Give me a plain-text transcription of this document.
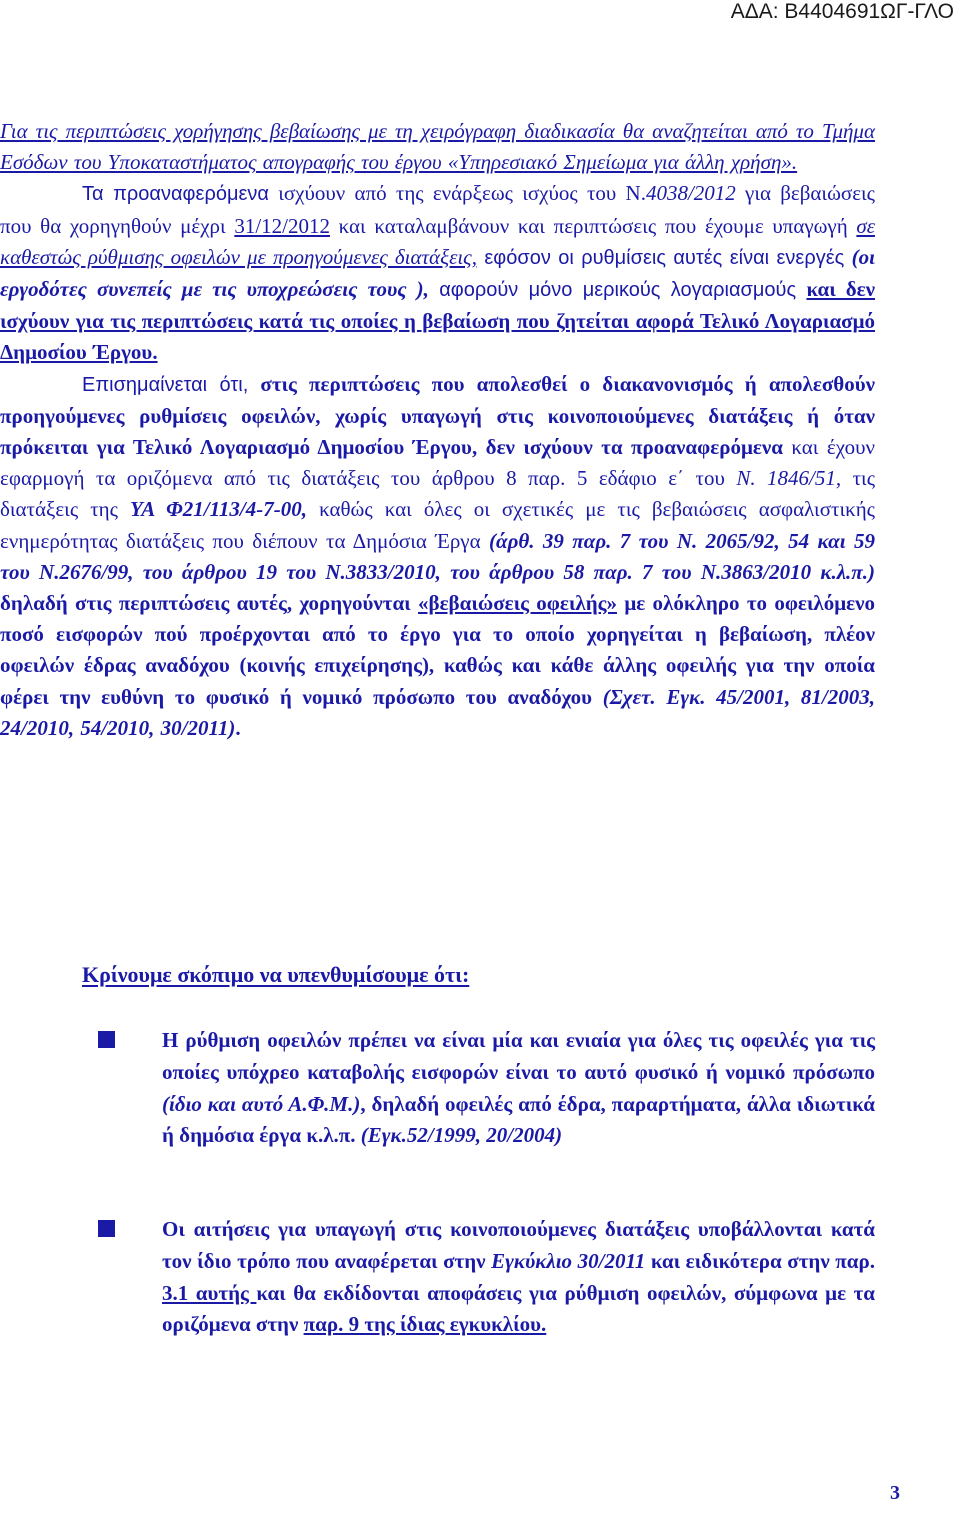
ΑΔΑ: Β4404691ΩΓ-ΓΛΟ

Για τις περιπτώσεις χορήγησης βεβαίωσης με τη χειρόγραφη διαδικασία θα αναζητείται από το Τμήμα Εσόδων του Υποκαταστήματος απογραφής του έργου «Υπηρεσιακό Σημείωμα για άλλη χρήση».

Τα προαναφερόμενα ισχύουν από της ενάρξεως ισχύος του Ν.4038/2012 για βεβαιώσεις που θα χορηγηθούν μέχρι 31/12/2012 και καταλαμβάνουν και περιπτώσεις που έχουμε υπαγωγή σε καθεστώς ρύθμισης οφειλών με προηγούμενες διατάξεις, εφόσον οι ρυθμίσεις αυτές είναι ενεργές (οι εργοδότες συνεπείς με τις υποχρεώσεις τους ), αφορούν μόνο μερικούς λογαριασμούς και δεν ισχύουν για τις περιπτώσεις κατά τις οποίες η βεβαίωση που ζητείται αφορά Τελικό Λογαριασμό Δημοσίου Έργου.

Επισημαίνεται ότι, στις περιπτώσεις που απολεσθεί ο διακανονισμός ή απολεσθούν προηγούμενες ρυθμίσεις οφειλών, χωρίς υπαγωγή στις κοινοποιούμενες διατάξεις ή όταν πρόκειται για Τελικό Λογαριασμό Δημοσίου Έργου, δεν ισχύουν τα προαναφερόμενα και έχουν εφαρμογή τα οριζόμενα από τις διατάξεις του άρθρου 8 παρ. 5 εδάφιο ε΄ του Ν. 1846/51, τις διατάξεις της ΥΑ Φ21/113/4-7-00, καθώς και όλες οι σχετικές με τις βεβαιώσεις ασφαλιστικής ενημερότητας διατάξεις που διέπουν τα Δημόσια Έργα (άρθ. 39 παρ. 7 του Ν. 2065/92, 54 και 59 του Ν.2676/99, του άρθρου 19 του Ν.3833/2010, του άρθρου 58 παρ. 7 του Ν.3863/2010 κ.λ.π.) δηλαδή στις περιπτώσεις αυτές, χορηγούνται «βεβαιώσεις οφειλής» με ολόκληρο το οφειλόμενο ποσό εισφορών πού προέρχονται από το έργο για το οποίο χορηγείται η βεβαίωση, πλέον οφειλών έδρας αναδόχου (κοινής επιχείρησης), καθώς και κάθε άλλης οφειλής για την οποία φέρει την ευθύνη το φυσικό ή νομικό πρόσωπο του αναδόχου (Σχετ. Εγκ. 45/2001, 81/2003, 24/2010, 54/2010, 30/2011).

Κρίνουμε σκόπιμο να υπενθυμίσουμε ότι:

Η ρύθμιση οφειλών πρέπει να είναι μία και ενιαία για όλες τις οφειλές για τις οποίες υπόχρεο καταβολής εισφορών είναι το αυτό φυσικό ή νομικό πρόσωπο (ίδιο και αυτό Α.Φ.Μ.), δηλαδή οφειλές από έδρα, παραρτήματα, άλλα ιδιωτικά ή δημόσια έργα κ.λ.π. (Εγκ.52/1999, 20/2004)

Οι αιτήσεις για υπαγωγή στις κοινοποιούμενες διατάξεις υποβάλλονται κατά τον ίδιο τρόπο που αναφέρεται στην Εγκύκλιο 30/2011 και ειδικότερα στην παρ. 3.1 αυτής και θα εκδίδονται αποφάσεις για ρύθμιση οφειλών, σύμφωνα με τα οριζόμενα στην παρ. 9 της ίδιας εγκυκλίου.

3
